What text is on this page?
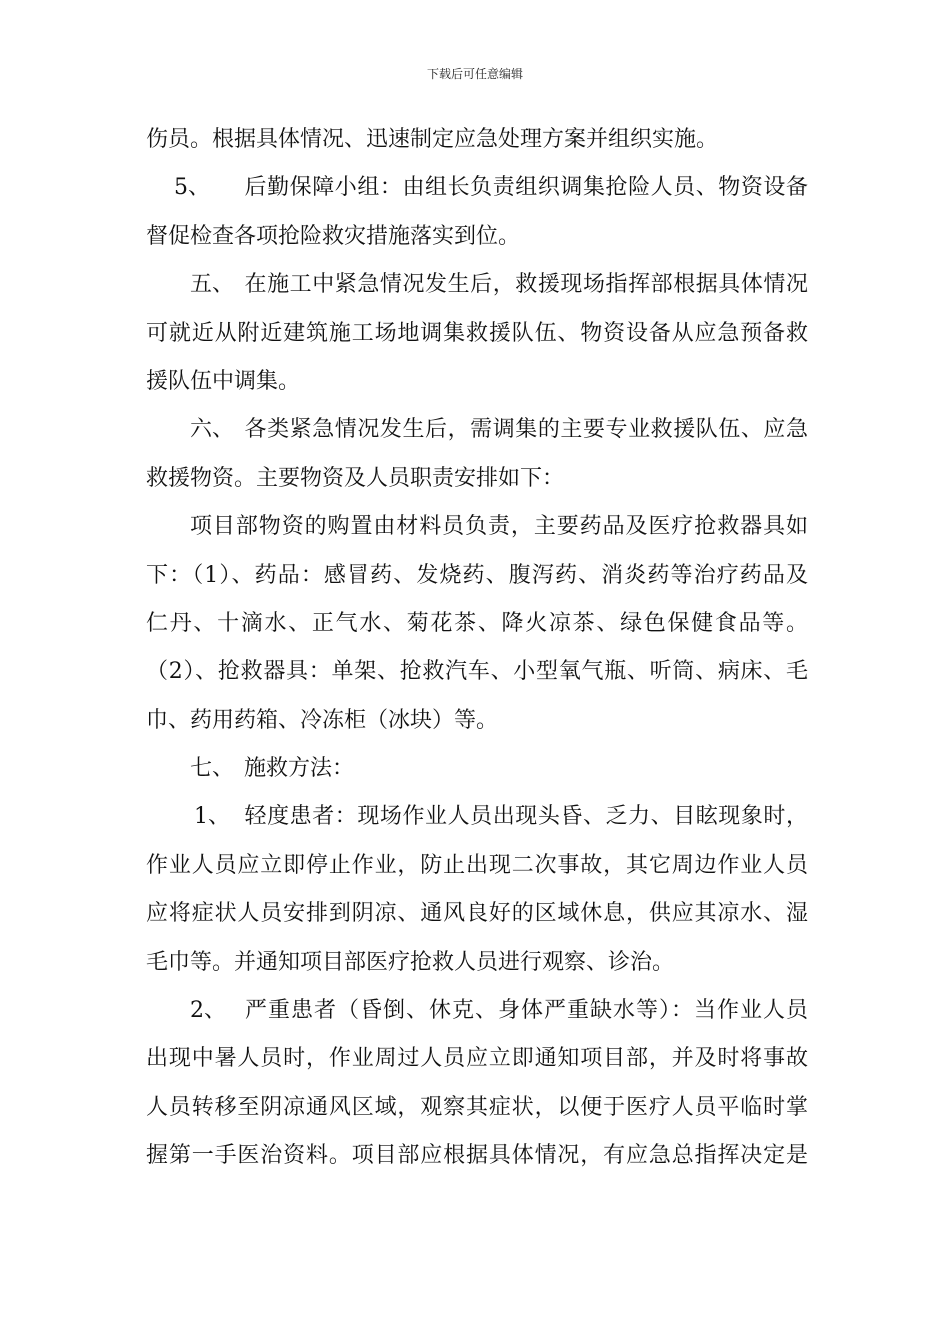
下载后可任意编辑
伤员。根据具体情况、迅速制定应急处理方案并组织实施。
5、 后勤保障小组：由组长负责组织调集抢险人员、物资设备
督促检查各项抢险救灾措施落实到位。
五、 在施工中紧急情况发生后，救援现场指挥部根据具体情况
可就近从附近建筑施工场地调集救援队伍、物资设备从应急预备救
援队伍中调集。
六、 各类紧急情况发生后，需调集的主要专业救援队伍、应急
救援物资。主要物资及人员职责安排如下：
项目部物资的购置由材料员负责，主要药品及医疗抢救器具如
下：（1）、药品：感冒药、发烧药、腹泻药、消炎药等治疗药品及
仁丹、十滴水、正气水、菊花茶、降火凉茶、绿色保健食品等。
（2）、抢救器具：单架、抢救汽车、小型氧气瓶、听筒、病床、毛
巾、药用药箱、冷冻柜（冰块）等。
七、 施救方法：
1、 轻度患者：现场作业人员出现头昏、乏力、目眩现象时，
作业人员应立即停止作业，防止出现二次事故，其它周边作业人员
应将症状人员安排到阴凉、通风良好的区域休息，供应其凉水、湿
毛巾等。并通知项目部医疗抢救人员进行观察、诊治。
2、 严重患者（昏倒、休克、身体严重缺水等）：当作业人员
出现中暑人员时，作业周过人员应立即通知项目部，并及时将事故
人员转移至阴凉通风区域，观察其症状，以便于医疗人员平临时掌
握第一手医治资料。项目部应根据具体情况，有应急总指挥决定是
